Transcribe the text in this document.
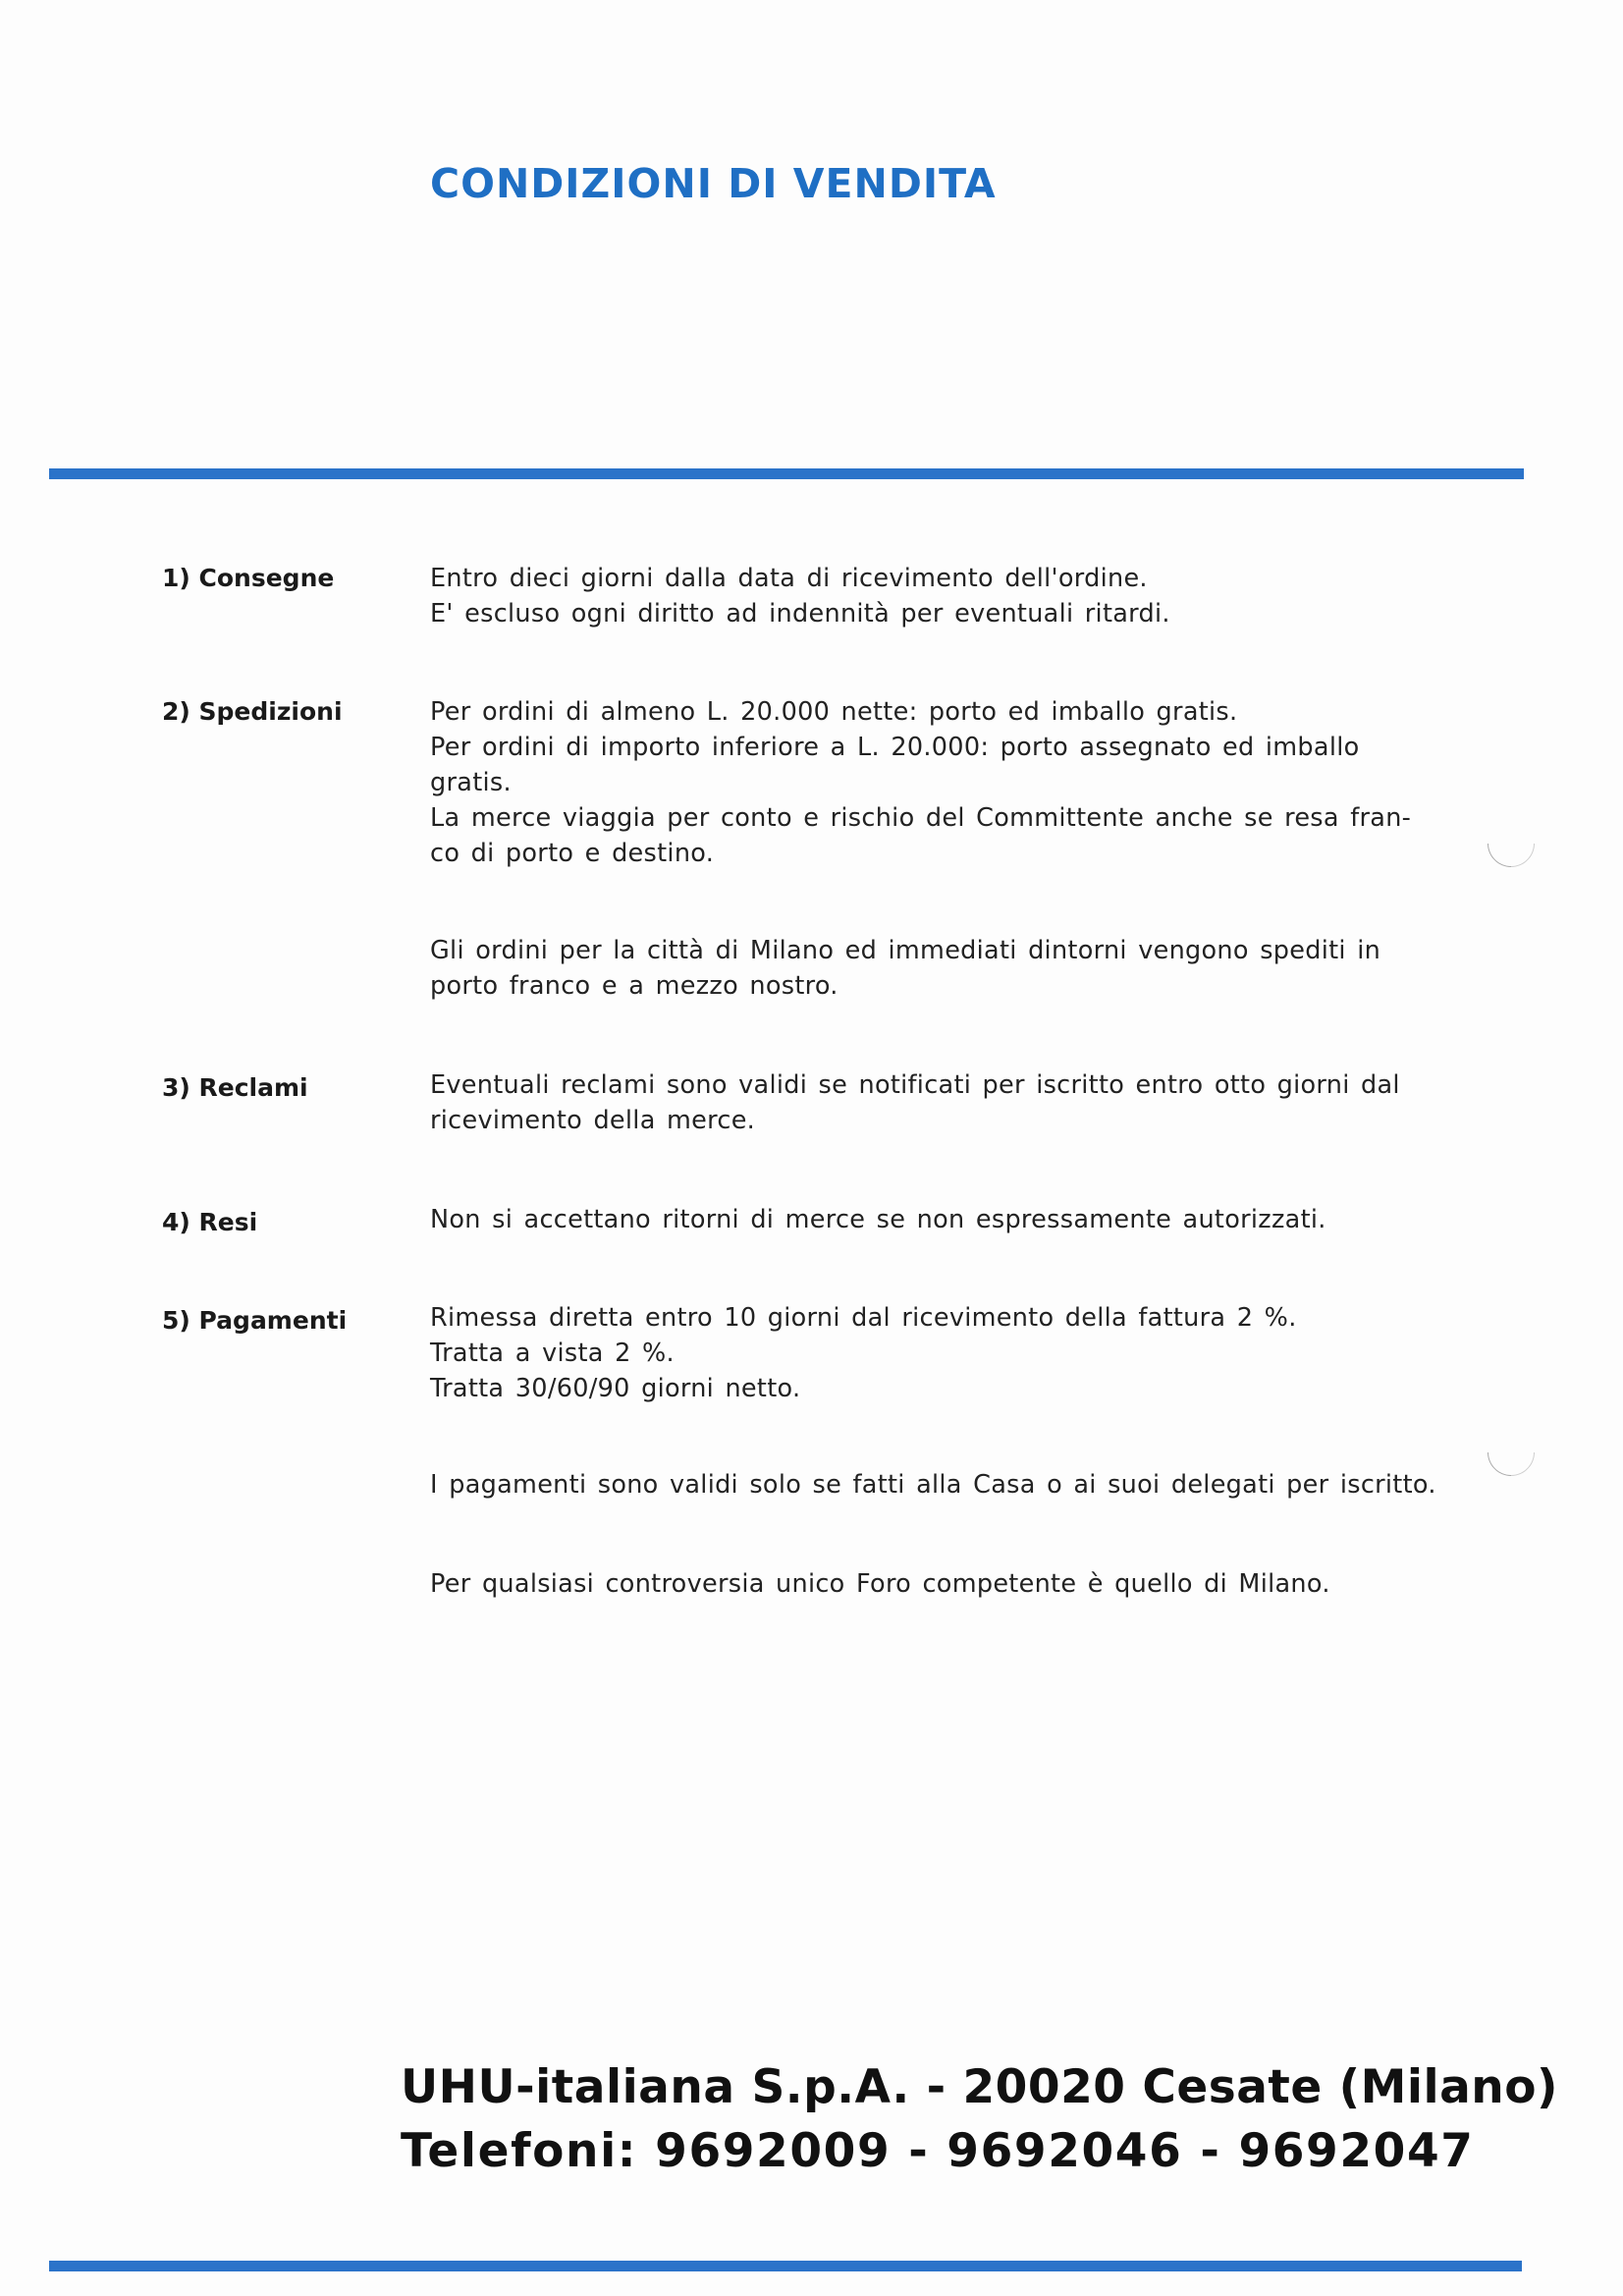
CONDIZIONI DI VENDITA
1) Consegne	Entro dieci giorni dalla data di ricevimento dell'ordine.
E' escluso ogni diritto ad indennità per eventuali ritardi.
2) Spedizioni	Per ordini di almeno L. 20.000 nette: porto ed imballo gratis.
Per ordini di importo inferiore a L. 20.000: porto assegnato ed imballo
gratis.
La merce viaggia per conto e rischio del Committente anche se resa fran-
co di porto e destino.
Gli ordini per la città di Milano ed immediati dintorni vengono spediti in
porto franco e a mezzo nostro.
3) Reclami	Eventuali reclami sono validi se notificati per iscritto entro otto giorni dal
ricevimento della merce.
4) Resi	Non si accettano ritorni di merce se non espressamente autorizzati.
5) Pagamenti	Rimessa diretta entro 10 giorni dal ricevimento della fattura 2 %.
Tratta a vista 2 %.
Tratta 30/60/90 giorni netto.
I pagamenti sono validi solo se fatti alla Casa o ai suoi delegati per iscritto.
Per qualsiasi controversia unico Foro competente è quello di Milano.
UHU-italiana S.p.A. - 20020 Cesate (Milano)
Telefoni: 9692009 - 9692046 - 9692047
